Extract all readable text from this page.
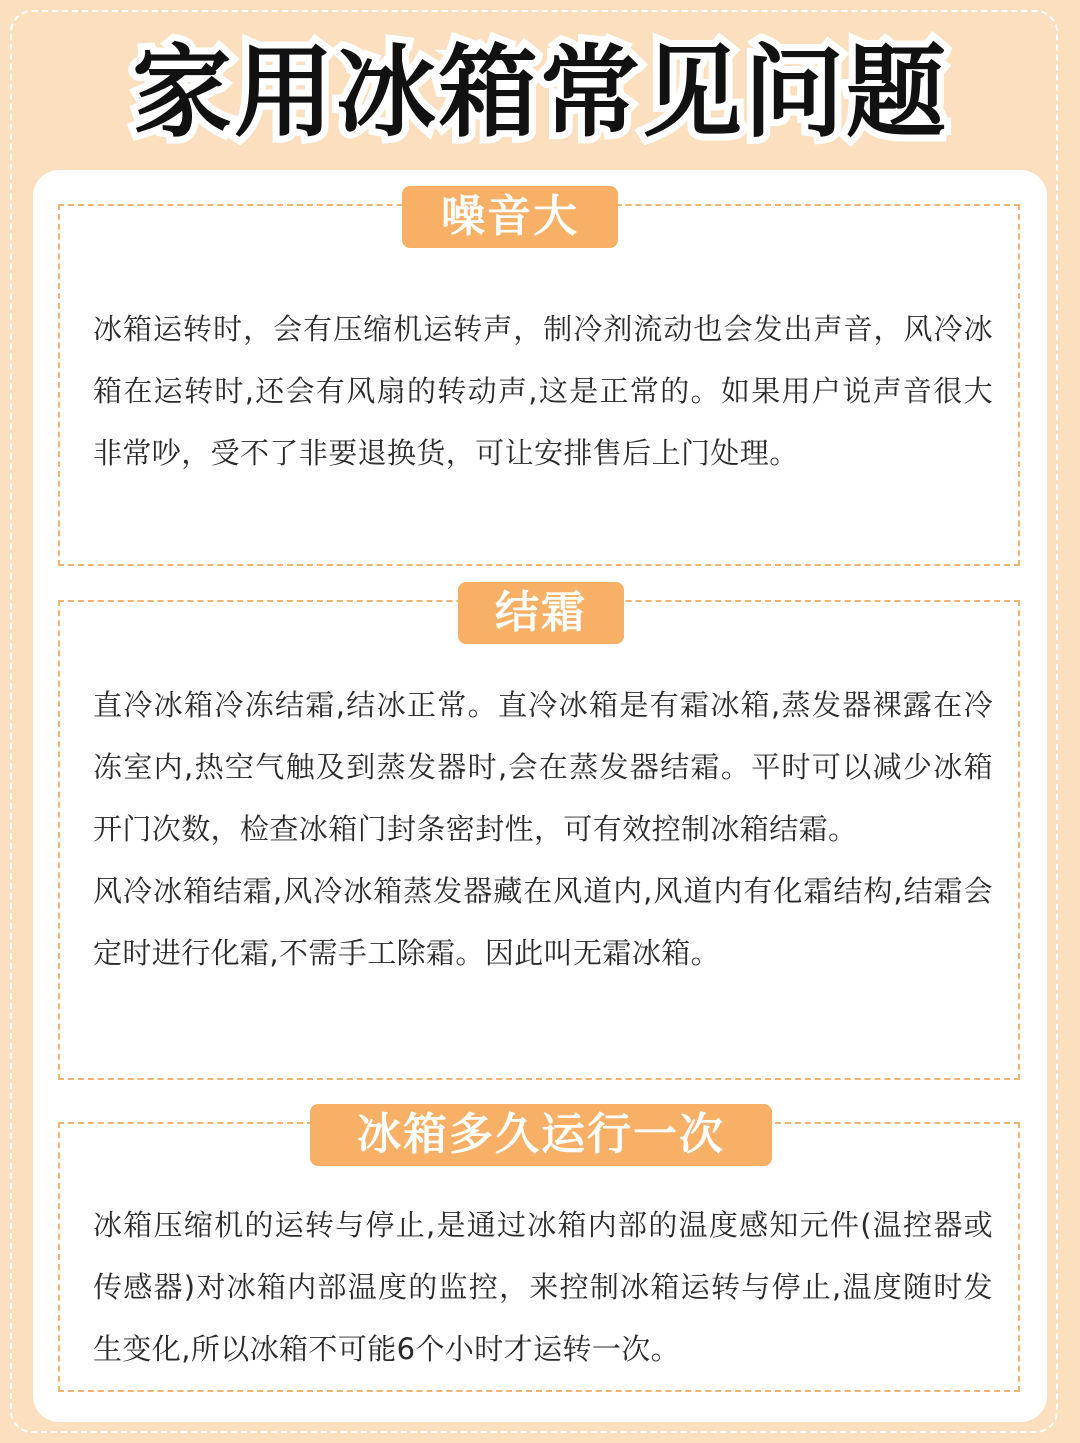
家用冰箱常见问题
噪音大

冰箱运转时，会有压缩机运转声，制冷剂流动也会发出声音，风冷冰箱在运转时,还会有风扇的转动声,这是正常的。如果用户说声音很大非常吵，受不了非要退换货，可让安排售后上门处理。

结霜

直冷冰箱冷冻结霜,结冰正常。直冷冰箱是有霜冰箱,蒸发器裸露在冷冻室内,热空气触及到蒸发器时,会在蒸发器结霜。平时可以减少冰箱开门次数，检查冰箱门封条密封性，可有效控制冰箱结霜。

风冷冰箱结霜,风冷冰箱蒸发器藏在风道内,风道内有化霜结构,结霜会定时进行化霜,不需手工除霜。因此叫无霜冰箱。

冰箱多久运行一次

冰箱压缩机的运转与停止,是通过冰箱内部的温度感知元件(温控器或传感器)对冰箱内部温度的监控，来控制冰箱运转与停止,温度随时发生变化,所以冰箱不可能6个小时才运转一次。
